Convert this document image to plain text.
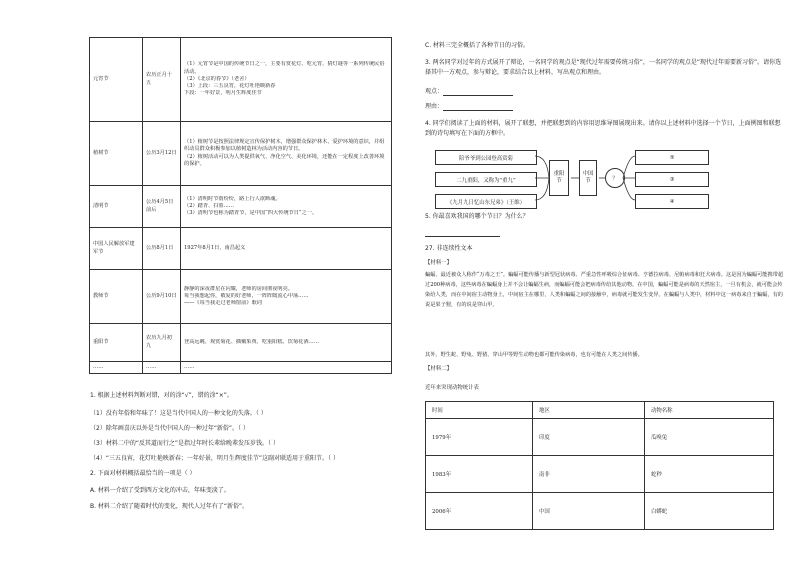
元宵节	农历正月十五	（1）元宵节是中国的传统节日之一，主要有赏花灯、吃元宵、猜灯谜等一系列传统民俗活动。
（2）《北京的春节》（老舍）
（3）上段：三五良宵，花灯吐艳映新春
下段：一年好景，明月生辉度佳节

植树节	公历3月12日	（1）植树节是按照法律规定宣传保护树木，增强群众保护林木、爱护环境的意识，并组织动员群众积极参加以植树造林为活动内容的节日。
（2）植树活动可以为人类提供氧气、净化空气、美化环境，还能在一定程度上改善环境的保护。

清明节	公历4月5日前后	（1）清明时节雨纷纷，路上行人欲断魂。
（2）踏青、扫墓……
（3）清明节也称为踏青节，是中国“四大传统节日”之一。

中国人民解放军建军节	公历8月1日	1927年8月1日，南昌起义
教师节	公历9月10日	静静的深夜群星在闪耀，老师的房间彻夜明亮。
每当我想起你，敬爱的好老师，一阵阵暖流心中荡……
——《每当我走过老师窗前》歌词

重阳节	农历九月初九	登高远眺、观赏菊花、插戴茱萸、吃重阳糕、饮菊花酒……

……	……	……
1. 根据上述材料判断对错，对的涂“√”，错的涂“×”。
（1）没有年俗和年味了！这是当代中国人的一种文化的失落。（ ）
（2）除年画喜庆以外是当代中国人的一种过年“新俗”。（ ）
（3）材料二中的“反其道而行之”是指过年时长辈给晚辈发压岁钱。（ ）
（4）“三五良宵，花灯吐艳映新春；一年好景，明月生辉度佳节”这副对联适用于重阳节。（ ）
2. 下面对材料概括最恰当的一项是（ ）
A. 材料一介绍了受到西方文化的冲击，年味变淡了。
B. 材料二介绍了随着时代的变化，现代人过年有了“新俗”。
C. 材料三完全概括了各种节日的习俗。
3. 两名同学对过年的方式展开了辩论，一名同学的观点是“现代过年需要传统习俗”，一名同学的观点是“现代过年需要新习俗”。请你选择其中一方观点，参与辩论，要求结合以上材料，写出观点和理由。
观点：
理由：
4. 同学们阅读了上面的材料，展开了联想，并把联想到的内容用思维导图展现出来。请你以上述材料中选择一个节日，上面例图和联想到的诗句填写在下面的方框中。
陪爷爷到公园登高赏菊
二九重阳，又称为“重九”
《九月九日忆山东兄弟》（王维）
重阳节
中国节	？
⑤
③
④
5. 你最喜欢我国的哪个节日？为什么？
27. 非连续性文本
【材料一】
蝙蝠，最近被众人称作“万毒之王”。蝙蝠可能传播与新型冠状病毒、严重急性呼吸综合征病毒、亨德拉病毒、尼帕病毒和狂犬病毒。这是因为蝙蝠可能携带超过200种病毒，这些病毒在蝙蝠身上并不会让蝙蝠生病，而蝙蝠可能会把病毒传给其他动物。在中国，蝙蝠可能是病毒的天然宿主，一旦有机会，就可能会传染给人类，而在中间宿主动物身上，中间宿主在哪里，人类和蝙蝠之间的接触中，病毒就可能发生变异。在蝙蝠与人类中，材料中这一病毒来自于蝙蝠，有的说是果子狸，有的说是穿山甲。
其外，野生蛇、野兔、野猪、穿山甲等野生动物也都可能传染病毒，也有可能在人类之间传播。
【材料二】
近年来突现动物统计表
时间	地区	动物名称
1979年	印度	瓜嗅兔
1983年	南非	蛇秒
2006年	中国	白蟒蛇
